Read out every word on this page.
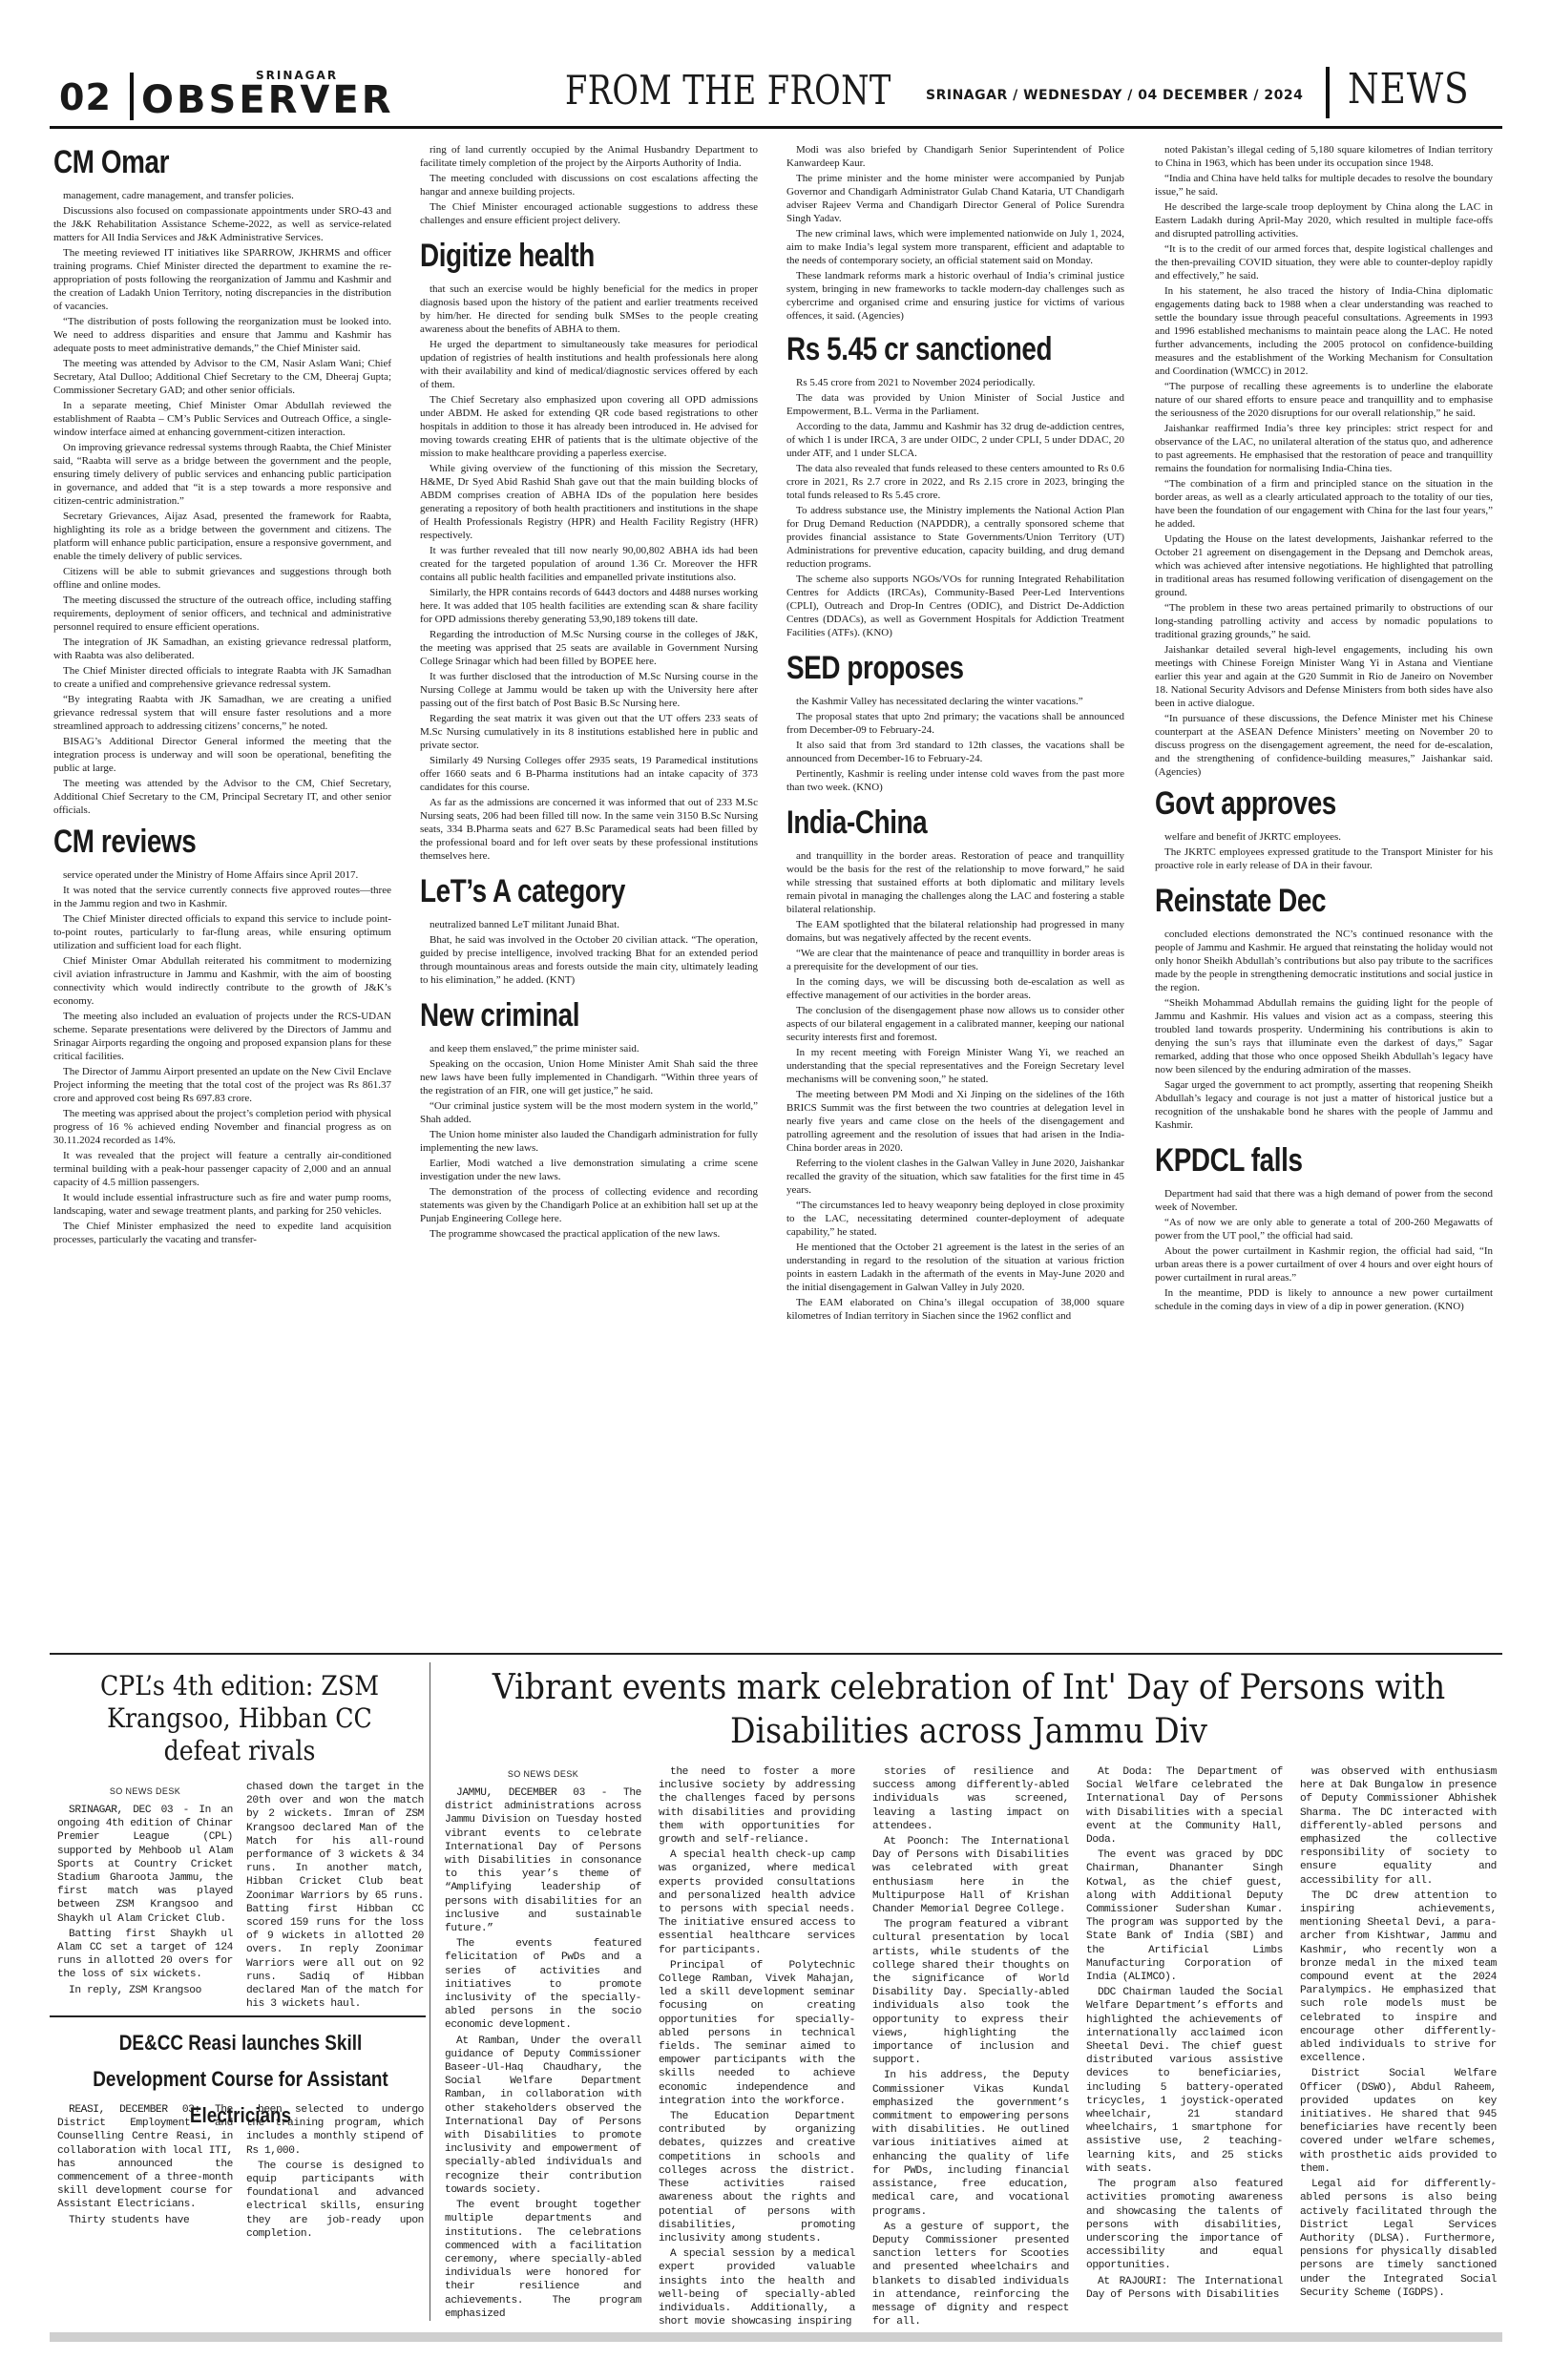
02
SRINAGAR
OBSERVER	FROM THE FRONT	SRINAGAR / WEDNESDAY / 04 DECEMBER / 2024 NEWS
CM Omar

management, cadre management, and transfer policies.

Discussions also focused on compassionate appointments under SRO-43 and the J&K Rehabilitation Assistance Scheme-2022, as well as service-related matters for All India Services and J&K Administrative Services.

The meeting reviewed IT initiatives like SPARROW, JKHRMS and officer training programs. Chief Minister directed the department to examine the re-appropriation of posts following the reorganization of Jammu and Kashmir and the creation of Ladakh Union Territory, noting discrepancies in the distribution of vacancies.

“The distribution of posts following the reorganization must be looked into. We need to address disparities and ensure that Jammu and Kashmir has adequate posts to meet administrative demands,” the Chief Minister said.

The meeting was attended by Advisor to the CM, Nasir Aslam Wani; Chief Secretary, Atal Dulloo; Additional Chief Secretary to the CM, Dheeraj Gupta; Commissioner Secretary GAD; and other senior officials.

In a separate meeting, Chief Minister Omar Abdullah reviewed the establishment of Raabta – CM’s Public Services and Outreach Office, a single-window interface aimed at enhancing government-citizen interaction.

On improving grievance redressal systems through Raabta, the Chief Minister said, “Raabta will serve as a bridge between the government and the people, ensuring timely delivery of public services and enhancing public participation in governance, and added that “it is a step towards a more responsive and citizen-centric administration.”

Secretary Grievances, Aijaz Asad, presented the framework for Raabta, highlighting its role as a bridge between the government and citizens. The platform will enhance public participation, ensure a responsive government, and enable the timely delivery of public services.

Citizens will be able to submit grievances and suggestions through both offline and online modes.

The meeting discussed the structure of the outreach office, including staffing requirements, deployment of senior officers, and technical and administrative personnel required to ensure efficient operations.

The integration of JK Samadhan, an existing grievance redressal platform, with Raabta was also deliberated.

The Chief Minister directed officials to integrate Raabta with JK Samadhan to create a unified and comprehensive grievance redressal system.

“By integrating Raabta with JK Samadhan, we are creating a unified grievance redressal system that will ensure faster resolutions and a more streamlined approach to addressing citizens’ concerns,” he noted.

BISAG’s Additional Director General informed the meeting that the integration process is underway and will soon be operational, benefiting the public at large.

The meeting was attended by the Advisor to the CM, Chief Secretary, Additional Chief Secretary to the CM, Principal Secretary IT, and other senior officials.

CM reviews

service operated under the Ministry of Home Affairs since April 2017.

It was noted that the service currently connects five approved routes—three in the Jammu region and two in Kashmir.

The Chief Minister directed officials to expand this service to include point-to-point routes, particularly to far-flung areas, while ensuring optimum utilization and sufficient load for each flight.

Chief Minister Omar Abdullah reiterated his commitment to modernizing civil aviation infrastructure in Jammu and Kashmir, with the aim of boosting connectivity which would indirectly contribute to the growth of J&K’s economy.

The meeting also included an evaluation of projects under the RCS-UDAN scheme. Separate presentations were delivered by the Directors of Jammu and Srinagar Airports regarding the ongoing and proposed expansion plans for these critical facilities.

The Director of Jammu Airport presented an update on the New Civil Enclave Project informing the meeting that the total cost of the project was Rs 861.37 crore and approved cost being Rs 697.83 crore.

The meeting was apprised about the project’s completion period with physical progress of 16 % achieved ending November and financial progress as on 30.11.2024 recorded as 14%.

It was revealed that the project will feature a centrally air-conditioned terminal building with a peak-hour passenger capacity of 2,000 and an annual capacity of 4.5 million passengers.

It would include essential infrastructure such as fire and water pump rooms, landscaping, water and sewage treatment plants, and parking for 250 vehicles.

The Chief Minister emphasized the need to expedite land acquisition processes, particularly the vacating and transfer-

ring of land currently occupied by the Animal Husbandry Department to facilitate timely completion of the project by the Airports Authority of India.

The meeting concluded with discussions on cost escalations affecting the hangar and annexe building projects.

The Chief Minister encouraged actionable suggestions to address these challenges and ensure efficient project delivery.

Digitize health

that such an exercise would be highly beneficial for the medics in proper diagnosis based upon the history of the patient and earlier treatments received by him/her. He directed for sending bulk SMSes to the people creating awareness about the benefits of ABHA to them.

He urged the department to simultaneously take measures for periodical updation of registries of health institutions and health professionals here along with their availability and kind of medical/diagnostic services offered by each of them.

The Chief Secretary also emphasized upon covering all OPD admissions under ABDM. He asked for extending QR code based registrations to other hospitals in addition to those it has already been introduced in. He advised for moving towards creating EHR of patients that is the ultimate objective of the mission to make healthcare providing a paperless exercise.

While giving overview of the functioning of this mission the Secretary, H&ME, Dr Syed Abid Rashid Shah gave out that the main building blocks of ABDM comprises creation of ABHA IDs of the population here besides generating a repository of both health practitioners and institutions in the shape of Health Professionals Registry (HPR) and Health Facility Registry (HFR) respectively.

It was further revealed that till now nearly 90,00,802 ABHA ids had been created for the targeted population of around 1.36 Cr. Moreover the HFR contains all public health facilities and empanelled private institutions also.

Similarly, the HPR contains records of 6443 doctors and 4488 nurses working here. It was added that 105 health facilities are extending scan & share facility for OPD admissions thereby generating 53,90,189 tokens till date.

Regarding the introduction of M.Sc Nursing course in the colleges of J&K, the meeting was apprised that 25 seats are available in Government Nursing College Srinagar which had been filled by BOPEE here.

It was further disclosed that the introduction of M.Sc Nursing course in the Nursing College at Jammu would be taken up with the University here after passing out of the first batch of Post Basic B.Sc Nursing here.

Regarding the seat matrix it was given out that the UT offers 233 seats of M.Sc Nursing cumulatively in its 8 institutions established here in public and private sector.

Similarly 49 Nursing Colleges offer 2935 seats, 19 Paramedical institutions offer 1660 seats and 6 B-Pharma institutions had an intake capacity of 373 candidates for this course.

As far as the admissions are concerned it was informed that out of 233 M.Sc Nursing seats, 206 had been filled till now. In the same vein 3150 B.Sc Nursing seats, 334 B.Pharma seats and 627 B.Sc Paramedical seats had been filled by the professional board and for left over seats by these professional institutions themselves here.

LeT’s A category

neutralized banned LeT militant Junaid Bhat.

Bhat, he said was involved in the October 20 civilian attack. “The operation, guided by precise intelligence, involved tracking Bhat for an extended period through mountainous areas and forests outside the main city, ultimately leading to his elimination,” he added. (KNT)

New criminal

and keep them enslaved,” the prime minister said.

Speaking on the occasion, Union Home Minister Amit Shah said the three new laws have been fully implemented in Chandigarh. “Within three years of the registration of an FIR, one will get justice,” he said.

“Our criminal justice system will be the most modern system in the world,” Shah added.

The Union home minister also lauded the Chandigarh administration for fully implementing the new laws.

Earlier, Modi watched a live demonstration simulating a crime scene investigation under the new laws.

The demonstration of the process of collecting evidence and recording statements was given by the Chandigarh Police at an exhibition hall set up at the Punjab Engineering College here.

The programme showcased the practical application of the new laws.

Modi was also briefed by Chandigarh Senior Superintendent of Police Kanwardeep Kaur.

The prime minister and the home minister were accompanied by Punjab Governor and Chandigarh Administrator Gulab Chand Kataria, UT Chandigarh adviser Rajeev Verma and Chandigarh Director General of Police Surendra Singh Yadav.

The new criminal laws, which were implemented nationwide on July 1, 2024, aim to make India’s legal system more transparent, efficient and adaptable to the needs of contemporary society, an official statement said on Monday.

These landmark reforms mark a historic overhaul of India’s criminal justice system, bringing in new frameworks to tackle modern-day challenges such as cybercrime and organised crime and ensuring justice for victims of various offences, it said. (Agencies)

Rs 5.45 cr sanctioned

Rs 5.45 crore from 2021 to November 2024 periodically.

The data was provided by Union Minister of Social Justice and Empowerment, B.L. Verma in the Parliament.

According to the data, Jammu and Kashmir has 32 drug de-addiction centres, of which 1 is under IRCA, 3 are under OIDC, 2 under CPLI, 5 under DDAC, 20 under ATF, and 1 under SLCA.

The data also revealed that funds released to these centers amounted to Rs 0.6 crore in 2021, Rs 2.7 crore in 2022, and Rs 2.15 crore in 2023, bringing the total funds released to Rs 5.45 crore.

To address substance use, the Ministry implements the National Action Plan for Drug Demand Reduction (NAPDDR), a centrally sponsored scheme that provides financial assistance to State Governments/Union Territory (UT) Administrations for preventive education, capacity building, and drug demand reduction programs.

The scheme also supports NGOs/VOs for running Integrated Rehabilitation Centres for Addicts (IRCAs), Community-Based Peer-Led Interventions (CPLI), Outreach and Drop-In Centres (ODIC), and District De-Addiction Centres (DDACs), as well as Government Hospitals for Addiction Treatment Facilities (ATFs). (KNO)

SED proposes

the Kashmir Valley has necessitated declaring the winter vacations.”

The proposal states that upto 2nd primary; the vacations shall be announced from December-09 to February-24.

It also said that from 3rd standard to 12th classes, the vacations shall be announced from December-16 to February-24.

Pertinently, Kashmir is reeling under intense cold waves from the past more than two week. (KNO)

India-China

and tranquillity in the border areas. Restoration of peace and tranquillity would be the basis for the rest of the relationship to move forward,” he said while stressing that sustained efforts at both diplomatic and military levels remain pivotal in managing the challenges along the LAC and fostering a stable bilateral relationship.

The EAM spotlighted that the bilateral relationship had progressed in many domains, but was negatively affected by the recent events.

“We are clear that the maintenance of peace and tranquillity in border areas is a prerequisite for the development of our ties.

In the coming days, we will be discussing both de-escalation as well as effective management of our activities in the border areas.

The conclusion of the disengagement phase now allows us to consider other aspects of our bilateral engagement in a calibrated manner, keeping our national security interests first and foremost.

In my recent meeting with Foreign Minister Wang Yi, we reached an understanding that the special representatives and the Foreign Secretary level mechanisms will be convening soon,” he stated.

The meeting between PM Modi and Xi Jinping on the sidelines of the 16th BRICS Summit was the first between the two countries at delegation level in nearly five years and came close on the heels of the disengagement and patrolling agreement and the resolution of issues that had arisen in the India-China border areas in 2020.

Referring to the violent clashes in the Galwan Valley in June 2020, Jaishankar recalled the gravity of the situation, which saw fatalities for the first time in 45 years.

“The circumstances led to heavy weaponry being deployed in close proximity to the LAC, necessitating determined counter-deployment of adequate capability,” he stated.

He mentioned that the October 21 agreement is the latest in the series of an understanding in regard to the resolution of the situation at various friction points in eastern Ladakh in the aftermath of the events in May-June 2020 and the initial disengagement in Galwan Valley in July 2020.

The EAM elaborated on China’s illegal occupation of 38,000 square kilometres of Indian territory in Siachen since the 1962 conflict and

noted Pakistan’s illegal ceding of 5,180 square kilometres of Indian territory to China in 1963, which has been under its occupation since 1948.

“India and China have held talks for multiple decades to resolve the boundary issue,” he said.

He described the large-scale troop deployment by China along the LAC in Eastern Ladakh during April-May 2020, which resulted in multiple face-offs and disrupted patrolling activities.

“It is to the credit of our armed forces that, despite logistical challenges and the then-prevailing COVID situation, they were able to counter-deploy rapidly and effectively,” he said.

In his statement, he also traced the history of India-China diplomatic engagements dating back to 1988 when a clear understanding was reached to settle the boundary issue through peaceful consultations. Agreements in 1993 and 1996 established mechanisms to maintain peace along the LAC. He noted further advancements, including the 2005 protocol on confidence-building measures and the establishment of the Working Mechanism for Consultation and Coordination (WMCC) in 2012.

“The purpose of recalling these agreements is to underline the elaborate nature of our shared efforts to ensure peace and tranquillity and to emphasise the seriousness of the 2020 disruptions for our overall relationship,” he said.

Jaishankar reaffirmed India’s three key principles: strict respect for and observance of the LAC, no unilateral alteration of the status quo, and adherence to past agreements. He emphasised that the restoration of peace and tranquillity remains the foundation for normalising India-China ties.

“The combination of a firm and principled stance on the situation in the border areas, as well as a clearly articulated approach to the totality of our ties, have been the foundation of our engagement with China for the last four years,” he added.

Updating the House on the latest developments, Jaishankar referred to the October 21 agreement on disengagement in the Depsang and Demchok areas, which was achieved after intensive negotiations. He highlighted that patrolling in traditional areas has resumed following verification of disengagement on the ground.

“The problem in these two areas pertained primarily to obstructions of our long-standing patrolling activity and access by nomadic populations to traditional grazing grounds,” he said.

Jaishankar detailed several high-level engagements, including his own meetings with Chinese Foreign Minister Wang Yi in Astana and Vientiane earlier this year and again at the G20 Summit in Rio de Janeiro on November 18. National Security Advisors and Defense Ministers from both sides have also been in active dialogue.

“In pursuance of these discussions, the Defence Minister met his Chinese counterpart at the ASEAN Defence Ministers’ meeting on November 20 to discuss progress on the disengagement agreement, the need for de-escalation, and the strengthening of confidence-building measures,” Jaishankar said. (Agencies)

Govt approves

welfare and benefit of JKRTC employees.

The JKRTC employees expressed gratitude to the Transport Minister for his proactive role in early release of DA in their favour.

Reinstate Dec

concluded elections demonstrated the NC’s continued resonance with the people of Jammu and Kashmir. He argued that reinstating the holiday would not only honor Sheikh Abdullah’s contributions but also pay tribute to the sacrifices made by the people in strengthening democratic institutions and social justice in the region.

“Sheikh Mohammad Abdullah remains the guiding light for the people of Jammu and Kashmir. His values and vision act as a compass, steering this troubled land towards prosperity. Undermining his contributions is akin to denying the sun’s rays that illuminate even the darkest of days,” Sagar remarked, adding that those who once opposed Sheikh Abdullah’s legacy have now been silenced by the enduring admiration of the masses.

Sagar urged the government to act promptly, asserting that reopening Sheikh Abdullah’s legacy and courage is not just a matter of historical justice but a recognition of the unshakable bond he shares with the people of Jammu and Kashmir.

KPDCL falls

Department had said that there was a high demand of power from the second week of November.

“As of now we are only able to generate a total of 200-260 Megawatts of power from the UT pool,” the official had said.

About the power curtailment in Kashmir region, the official had said, “In urban areas there is a power curtailment of over 4 hours and over eight hours of power curtailment in rural areas.”

In the meantime, PDD is likely to announce a new power curtailment schedule in the coming days in view of a dip in power generation. (KNO)

CPL’s 4th edition: ZSM Krangsoo, Hibban CC defeat rivals
SO NEWS DESK

SRINAGAR, DEC 03 - In an ongoing 4th edition of Chinar Premier League (CPL) supported by Mehboob ul Alam Sports at Country Cricket Stadium Gharoota Jammu, the first match was played between ZSM Krangsoo and Shaykh ul Alam Cricket Club.

Batting first Shaykh ul Alam CC set a target of 124 runs in allotted 20 overs for the loss of six wickets.

In reply, ZSM Krangsoo

chased down the target in the 20th over and won the match by 2 wickets. Imran of ZSM Krangsoo declared Man of the Match for his all-round performance of 3 wickets & 34 runs. In another match, Hibban Cricket Club beat Zoonimar Warriors by 65 runs. Batting first Hibban CC scored 159 runs for the loss of 9 wickets in allotted 20 overs. In reply Zoonimar Warriors were all out on 92 runs. Sadiq of Hibban declared Man of the match for his 3 wickets haul.

DE&CC Reasi launches Skill Development Course for Assistant Electricians

REASI, DECEMBER 03: The District Employment and Counselling Centre Reasi, in collaboration with local ITI, has announced the commencement of a three-month skill development course for Assistant Electricians.

Thirty students have

been selected to undergo the training program, which includes a monthly stipend of Rs 1,000.

The course is designed to equip participants with foundational and advanced electrical skills, ensuring they are job-ready upon completion.

Vibrant events mark celebration of Int' Day of Persons with Disabilities across Jammu Div
SO NEWS DESK

JAMMU, DECEMBER 03 - The district administrations across Jammu Division on Tuesday hosted vibrant events to celebrate International Day of Persons with Disabilities in consonance to this year’s theme of “Amplifying leadership of persons with disabilities for an inclusive and sustainable future.”

The events featured felicitation of PwDs and a series of activities and initiatives to promote inclusivity of the specially-abled persons in the socio economic development.

At Ramban, Under the overall guidance of Deputy Commissioner Baseer-Ul-Haq Chaudhary, the Social Welfare Department Ramban, in collaboration with other stakeholders observed the International Day of Persons with Disabilities to promote inclusivity and empowerment of specially-abled individuals and recognize their contribution towards society.

The event brought together multiple departments and institutions. The celebrations commenced with a facilitation ceremony, where specially-abled individuals were honored for their resilience and achievements. The program emphasized

the need to foster a more inclusive society by addressing the challenges faced by persons with disabilities and providing them with opportunities for growth and self-reliance.

A special health check-up camp was organized, where medical experts provided consultations and personalized health advice to persons with special needs. The initiative ensured access to essential healthcare services for participants.

Principal of Polytechnic College Ramban, Vivek Mahajan, led a skill development seminar focusing on creating opportunities for specially-abled persons in technical fields. The seminar aimed to empower participants with the skills needed to achieve economic independence and integration into the workforce.

The Education Department contributed by organizing debates, quizzes and creative competitions in schools and colleges across the district. These activities raised awareness about the rights and potential of persons with disabilities, promoting inclusivity among students.

A special session by a medical expert provided valuable insights into the health and well-being of specially-abled individuals. Additionally, a short movie showcasing inspiring

stories of resilience and success among differently-abled individuals was screened, leaving a lasting impact on attendees.

At Poonch: The International Day of Persons with Disabilities was celebrated with great enthusiasm here in the Multipurpose Hall of Krishan Chander Memorial Degree College.

The program featured a vibrant cultural presentation by local artists, while students of the college shared their thoughts on the significance of World Disability Day. Specially-abled individuals also took the opportunity to express their views, highlighting the importance of inclusion and support.

In his address, the Deputy Commissioner Vikas Kundal emphasized the government’s commitment to empowering persons with disabilities. He outlined various initiatives aimed at enhancing the quality of life for PWDs, including financial assistance, free education, medical care, and vocational programs.

As a gesture of support, the Deputy Commissioner presented sanction letters for Scooties and presented wheelchairs and blankets to disabled individuals in attendance, reinforcing the message of dignity and respect for all.

At Doda: The Department of Social Welfare celebrated the International Day of Persons with Disabilities with a special event at the Community Hall, Doda.

The event was graced by DDC Chairman, Dhananter Singh Kotwal, as the chief guest, along with Additional Deputy Commissioner Sudershan Kumar. The program was supported by the State Bank of India (SBI) and the Artificial Limbs Manufacturing Corporation of India (ALIMCO).

DDC Chairman lauded the Social Welfare Department’s efforts and highlighted the achievements of internationally acclaimed icon Sheetal Devi. The chief guest distributed various assistive devices to beneficiaries, including 5 battery-operated tricycles, 1 joystick-operated wheelchair, 21 standard wheelchairs, 1 smartphone for assistive use, 2 teaching-learning kits, and 25 sticks with seats.

The program also featured activities promoting awareness and showcasing the talents of persons with disabilities, underscoring the importance of accessibility and equal opportunities.

At RAJOURI: The International Day of Persons with Disabilities

was observed with enthusiasm here at Dak Bungalow in presence of Deputy Commissioner Abhishek Sharma. The DC interacted with differently-abled persons and emphasized the collective responsibility of society to ensure equality and accessibility for all.

The DC drew attention to inspiring achievements, mentioning Sheetal Devi, a para-archer from Kishtwar, Jammu and Kashmir, who recently won a bronze medal in the mixed team compound event at the 2024 Paralympics. He emphasized that such role models must be celebrated to inspire and encourage other differently-abled individuals to strive for excellence.

District Social Welfare Officer (DSWO), Abdul Raheem, provided updates on key initiatives. He shared that 945 beneficiaries have recently been covered under welfare schemes, with prosthetic aids provided to them.

Legal aid for differently-abled persons is also being actively facilitated through the District Legal Services Authority (DLSA). Furthermore, pensions for physically disabled persons are timely sanctioned under the Integrated Social Security Scheme (IGDPS).
